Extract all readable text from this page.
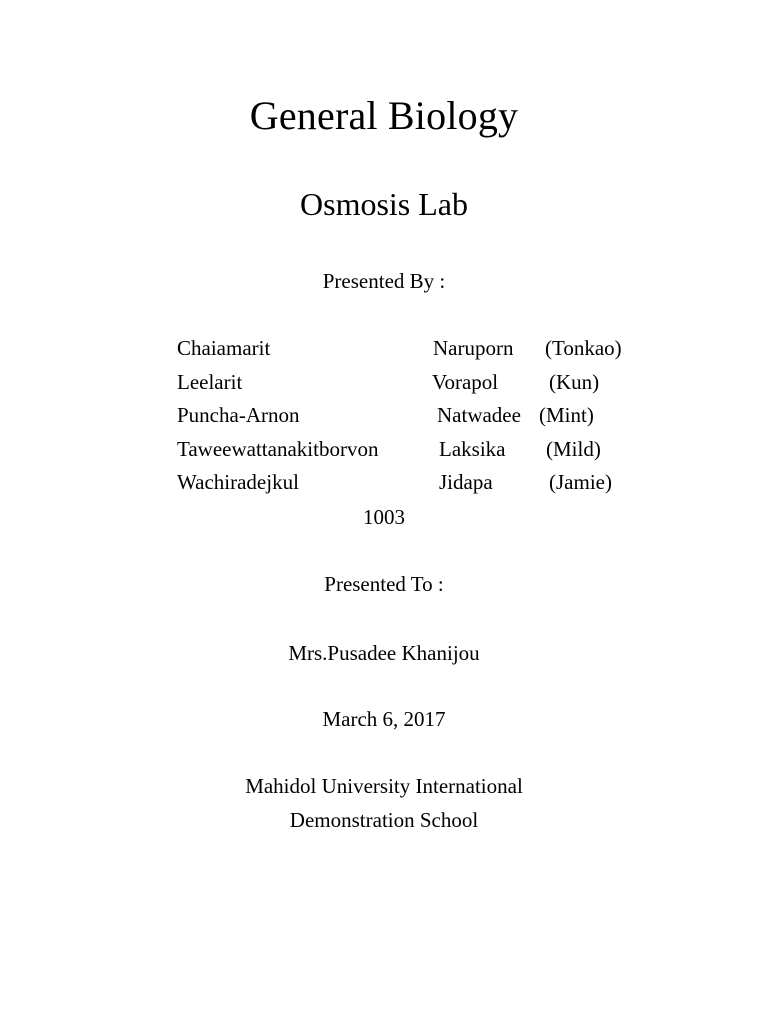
General Biology
Osmosis Lab
Presented By :
Chaiamarit	Naruporn (Tonkao)
Leelarit	Vorapol (Kun)
Puncha-Arnon	Natwadee (Mint)
Taweewattanakitborvon	Laksika (Mild)
Wachiradejkul	Jidapa	(Jamie)
1003
Presented To :
Mrs.Pusadee Khanijou
March 6, 2017
Mahidol University International
Demonstration School
